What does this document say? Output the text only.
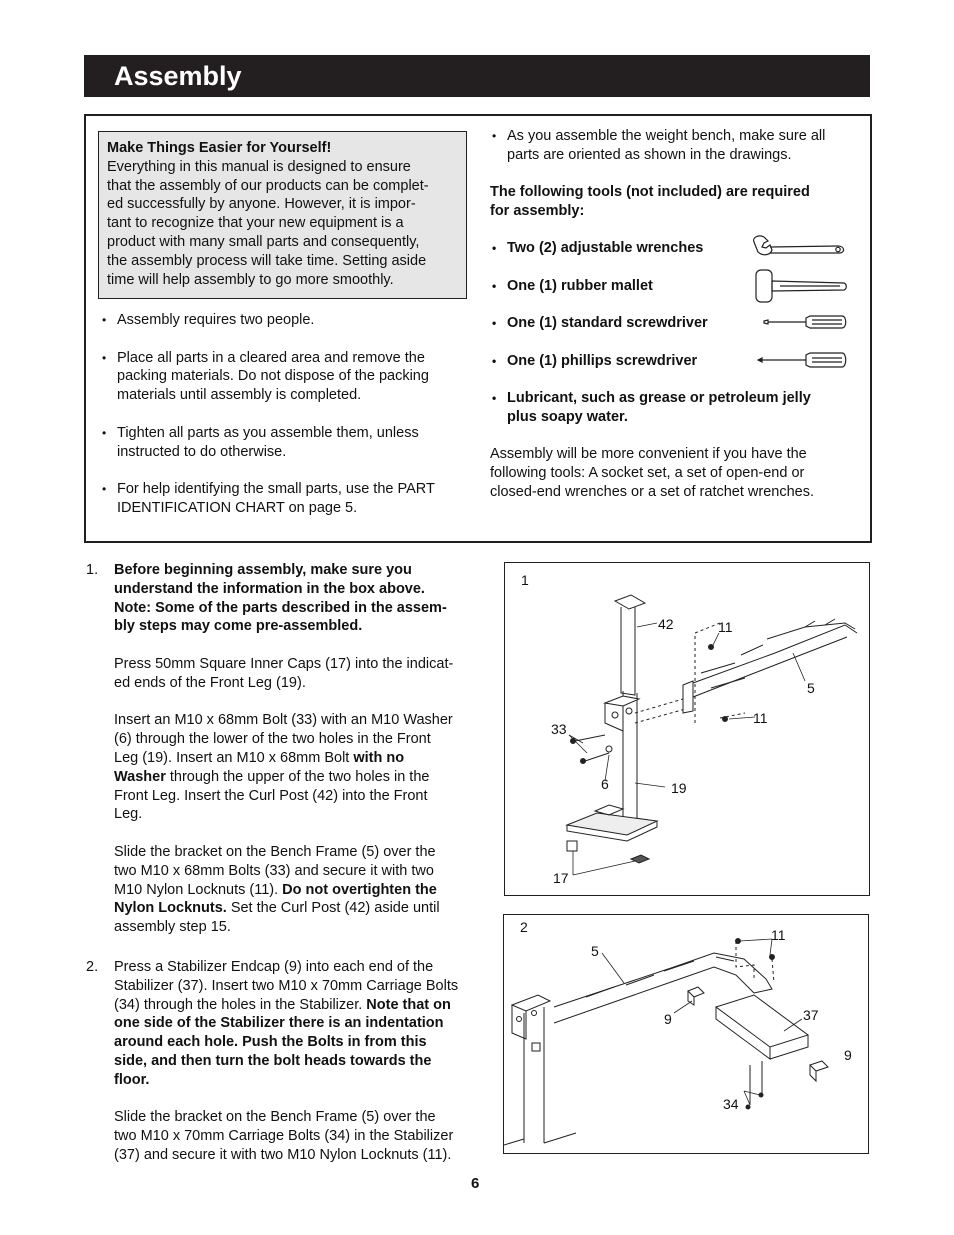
Assembly
Make Things Easier for Yourself!
Everything in this manual is designed to ensure
that the assembly of our products can be complet-
ed successfully by anyone. However, it is impor-
tant to recognize that your new equipment is a
product with many small parts and consequently,
the assembly process will take time. Setting aside
time will help assembly to go more smoothly.
• Assembly requires two people.
• Place all parts in a cleared area and remove the
packing materials. Do not dispose of the packing
materials until assembly is completed.
• Tighten all parts as you assemble them, unless
instructed to do otherwise.
• For help identifying the small parts, use the PART
IDENTIFICATION CHART on page 5.
• As you assemble the weight bench, make sure all
parts are oriented as shown in the drawings.
The following tools (not included) are required
for assembly:
• Two (2) adjustable wrenches
• One (1) rubber mallet
• One (1) standard screwdriver
• One (1) phillips screwdriver
• Lubricant, such as grease or petroleum jelly
plus soapy water.
Assembly will be more convenient if you have the
following tools: A socket set, a set of open-end or
closed-end wrenches or a set of ratchet wrenches.
1. Before beginning assembly, make sure you
understand the information in the box above.
Note: Some of the parts described in the assem-
bly steps may come pre-assembled.
Press 50mm Square Inner Caps (17) into the indicat-
ed ends of the Front Leg (19).
Insert an M10 x 68mm Bolt (33) with an M10 Washer
(6) through the lower of the two holes in the Front
Leg (19). Insert an M10 x 68mm Bolt with no
Washer through the upper of the two holes in the
Front Leg. Insert the Curl Post (42) into the Front
Leg.
Slide the bracket on the Bench Frame (5) over the
two M10 x 68mm Bolts (33) and secure it with two
M10 Nylon Locknuts (11). Do not overtighten the
Nylon Locknuts. Set the Curl Post (42) aside until
assembly step 15.
2. Press a Stabilizer Endcap (9) into each end of the
Stabilizer (37). Insert two M10 x 70mm Carriage Bolts
(34) through the holes in the Stabilizer. Note that on
one side of the Stabilizer there is an indentation
around each hole. Push the Bolts in from this
side, and then turn the bolt heads towards the
floor.
Slide the bracket on the Bench Frame (5) over the
two M10 x 70mm Carriage Bolts (34) in the Stabilizer
(37) and secure it with two M10 Nylon Locknuts (11).
1
42	11
5
11
33
6	19
17
2
5
11
9	37
9
34
6
